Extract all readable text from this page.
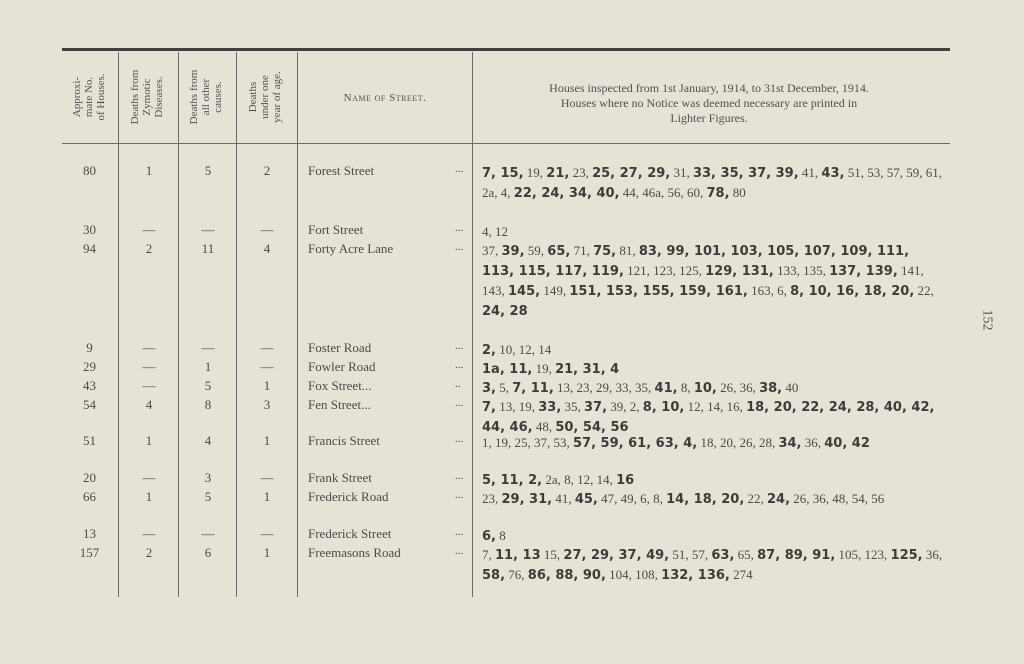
Approxi- mate No. of Houses. Deaths from Zymotic Diseases. Deaths from all other causes. Deaths under one year of age.	Name of Street.
Houses inspected from 1st January, 1914, to 31st December, 1914.
Houses where no Notice was deemed necessary are printed in
Lighter Figures.
80	1	5	2	Forest Street	... 7, 15, 19, 21, 23, 25, 27, 29, 31, 33, 35, 37, 39, 41, 43, 51, 53, 57, 59, 61, 2a, 4, 22, 24, 34, 40, 44, 46a, 56, 60, 78, 80
30	—	—	—	Fort Street	... 4, 12
94	2	11	4	Forty Acre Lane	... 37, 39, 59, 65, 71, 75, 81, 83, 99, 101, 103, 105, 107, 109, 111, 113, 115, 117, 119, 121, 123, 125, 129, 131, 133, 135, 137, 139, 141, 143, 145, 149, 151, 153, 155, 159, 161, 163, 6, 8, 10, 16, 18, 20, 22, 24, 28
9	—	—	—	Foster Road	... 2, 10, 12, 14
29	—	1	—	Fowler Road	... 1a, 11, 19, 21, 31, 4
43	—	5	1	Fox Street...	.. 3, 5, 7, 11, 13, 23, 29, 33, 35, 41, 8, 10, 26, 36, 38, 40
54	4	8	3	Fen Street...	... 7, 13, 19, 33, 35, 37, 39, 2, 8, 10, 12, 14, 16, 18, 20, 22, 24, 28, 40, 42, 44, 46, 48, 50, 54, 56
51	1	4	1	Francis Street	... 1, 19, 25, 37, 53, 57, 59, 61, 63, 4, 18, 20, 26, 28, 34, 36, 40, 42
20	—	3	—	Frank Street	... 5, 11, 2, 2a, 8, 12, 14, 16
66	1	5	1	Frederick Road	... 23, 29, 31, 41, 45, 47, 49, 6, 8, 14, 18, 20, 22, 24, 26, 36, 48, 54, 56
13	—	—	—	Frederick Street	... 6, 8
157	2	6	1	Freemasons Road	... 7, 11, 13 15, 27, 29, 37, 49, 51, 57, 63, 65, 87, 89, 91, 105, 123, 125, 36, 58, 76, 86, 88, 90, 104, 108, 132, 136, 274
152
